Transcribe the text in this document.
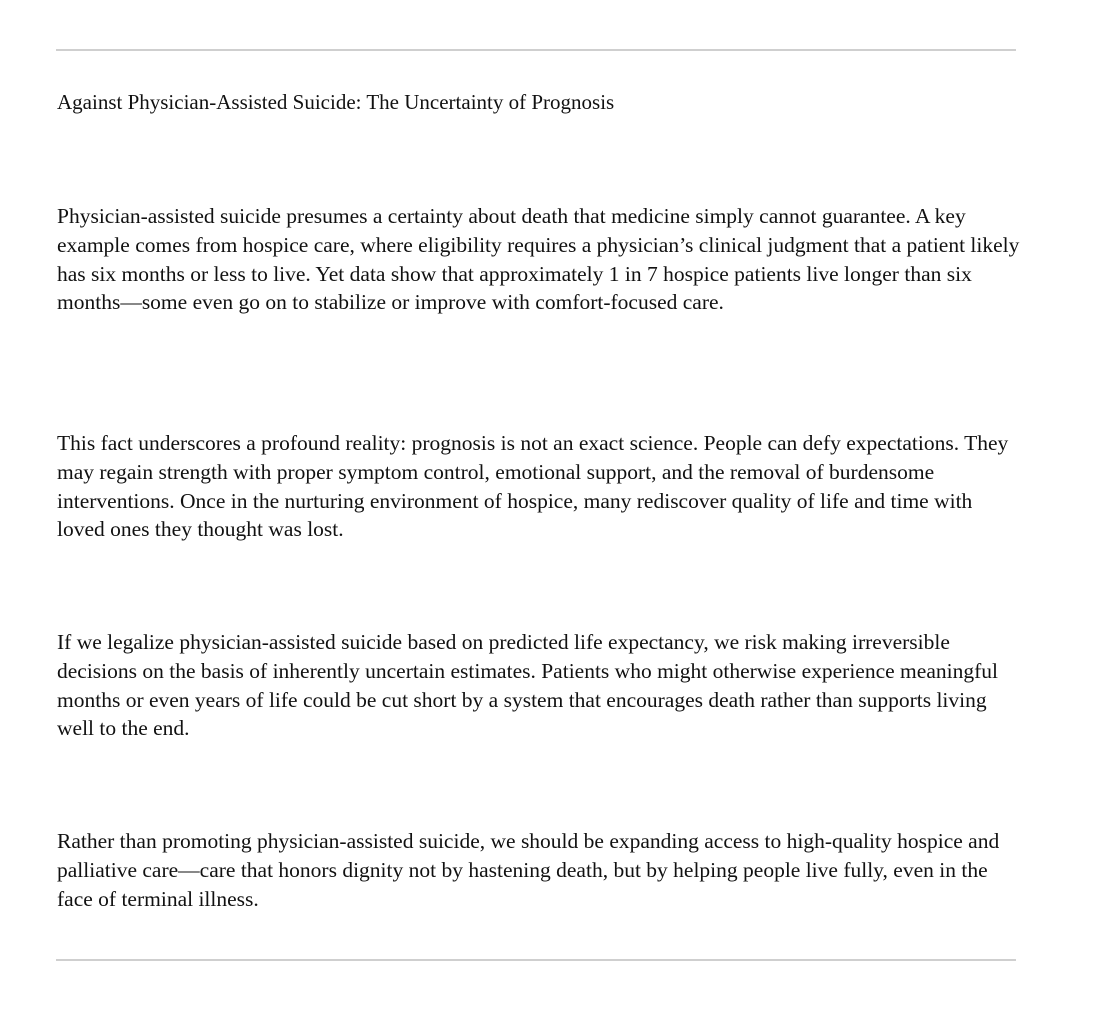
Against Physician-Assisted Suicide: The Uncertainty of Prognosis

Physician-assisted suicide presumes a certainty about death that medicine simply cannot guarantee. A key example comes from hospice care, where eligibility requires a physician’s clinical judgment that a patient likely has six months or less to live. Yet data show that approximately 1 in 7 hospice patients live longer than six months—some even go on to stabilize or improve with comfort-focused care.

This fact underscores a profound reality: prognosis is not an exact science. People can defy expectations. They may regain strength with proper symptom control, emotional support, and the removal of burdensome interventions. Once in the nurturing environment of hospice, many rediscover quality of life and time with loved ones they thought was lost.

If we legalize physician-assisted suicide based on predicted life expectancy, we risk making irreversible decisions on the basis of inherently uncertain estimates. Patients who might otherwise experience meaningful months or even years of life could be cut short by a system that encourages death rather than supports living well to the end.

Rather than promoting physician-assisted suicide, we should be expanding access to high-quality hospice and palliative care—care that honors dignity not by hastening death, but by helping people live fully, even in the face of terminal illness.
